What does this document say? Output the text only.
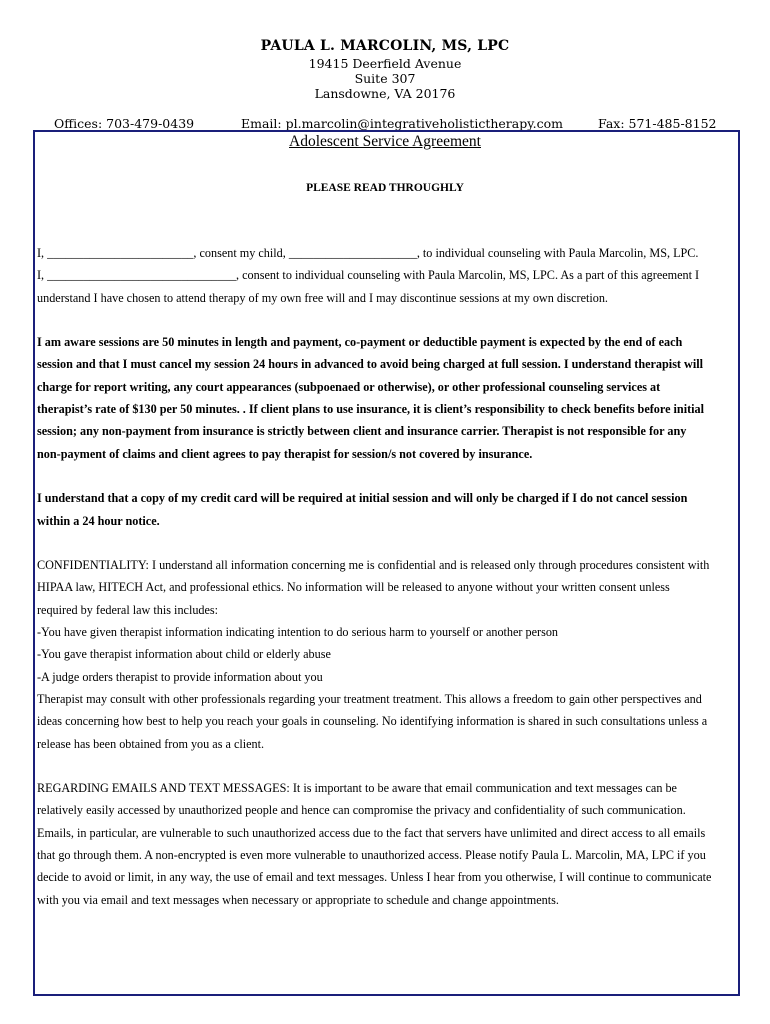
PAULA L. MARCOLIN, MS, LPC
19415 Deerfield Avenue
Suite 307
Lansdowne, VA 20176
Offices: 703-479-0439	Email: pl.marcolin@integrativeholistictherapy.com	Fax: 571-485-8152
Adolescent Service Agreement
PLEASE READ THROUGHLY
I, ________________________, consent my child, _____________________, to individual counseling with Paula Marcolin, MS, LPC.
I, _______________________________, consent to individual counseling with Paula Marcolin, MS, LPC. As a part of this agreement I
understand I have chosen to attend therapy of my own free will and I may discontinue sessions at my own discretion.
I am aware sessions are 50 minutes in length and payment, co-payment or deductible payment is expected by the end of each
session and that I must cancel my session 24 hours in advanced to avoid being charged at full session. I understand therapist will
charge for report writing, any court appearances (subpoenaed or otherwise), or other professional counseling services at
therapist’s rate of $130 per 50 minutes. . If client plans to use insurance, it is client’s responsibility to check benefits before initial
session; any non-payment from insurance is strictly between client and insurance carrier. Therapist is not responsible for any
non-payment of claims and client agrees to pay therapist for session/s not covered by insurance.
I understand that a copy of my credit card will be required at initial session and will only be charged if I do not cancel session
within a 24 hour notice.
CONFIDENTIALITY: I understand all information concerning me is confidential and is released only through procedures consistent with
HIPAA law, HITECH Act, and professional ethics. No information will be released to anyone without your written consent unless
required by federal law this includes:
-You have given therapist information indicating intention to do serious harm to yourself or another person
-You gave therapist information about child or elderly abuse
-A judge orders therapist to provide information about you
Therapist may consult with other professionals regarding your treatment treatment. This allows a freedom to gain other perspectives and
ideas concerning how best to help you reach your goals in counseling. No identifying information is shared in such consultations unless a
release has been obtained from you as a client.
REGARDING EMAILS AND TEXT MESSAGES: It is important to be aware that email communication and text messages can be
relatively easily accessed by unauthorized people and hence can compromise the privacy and confidentiality of such communication.
Emails, in particular, are vulnerable to such unauthorized access due to the fact that servers have unlimited and direct access to all emails
that go through them. A non-encrypted is even more vulnerable to unauthorized access. Please notify Paula L. Marcolin, MA, LPC if you
decide to avoid or limit, in any way, the use of email and text messages. Unless I hear from you otherwise, I will continue to communicate
with you via email and text messages when necessary or appropriate to schedule and change appointments.
